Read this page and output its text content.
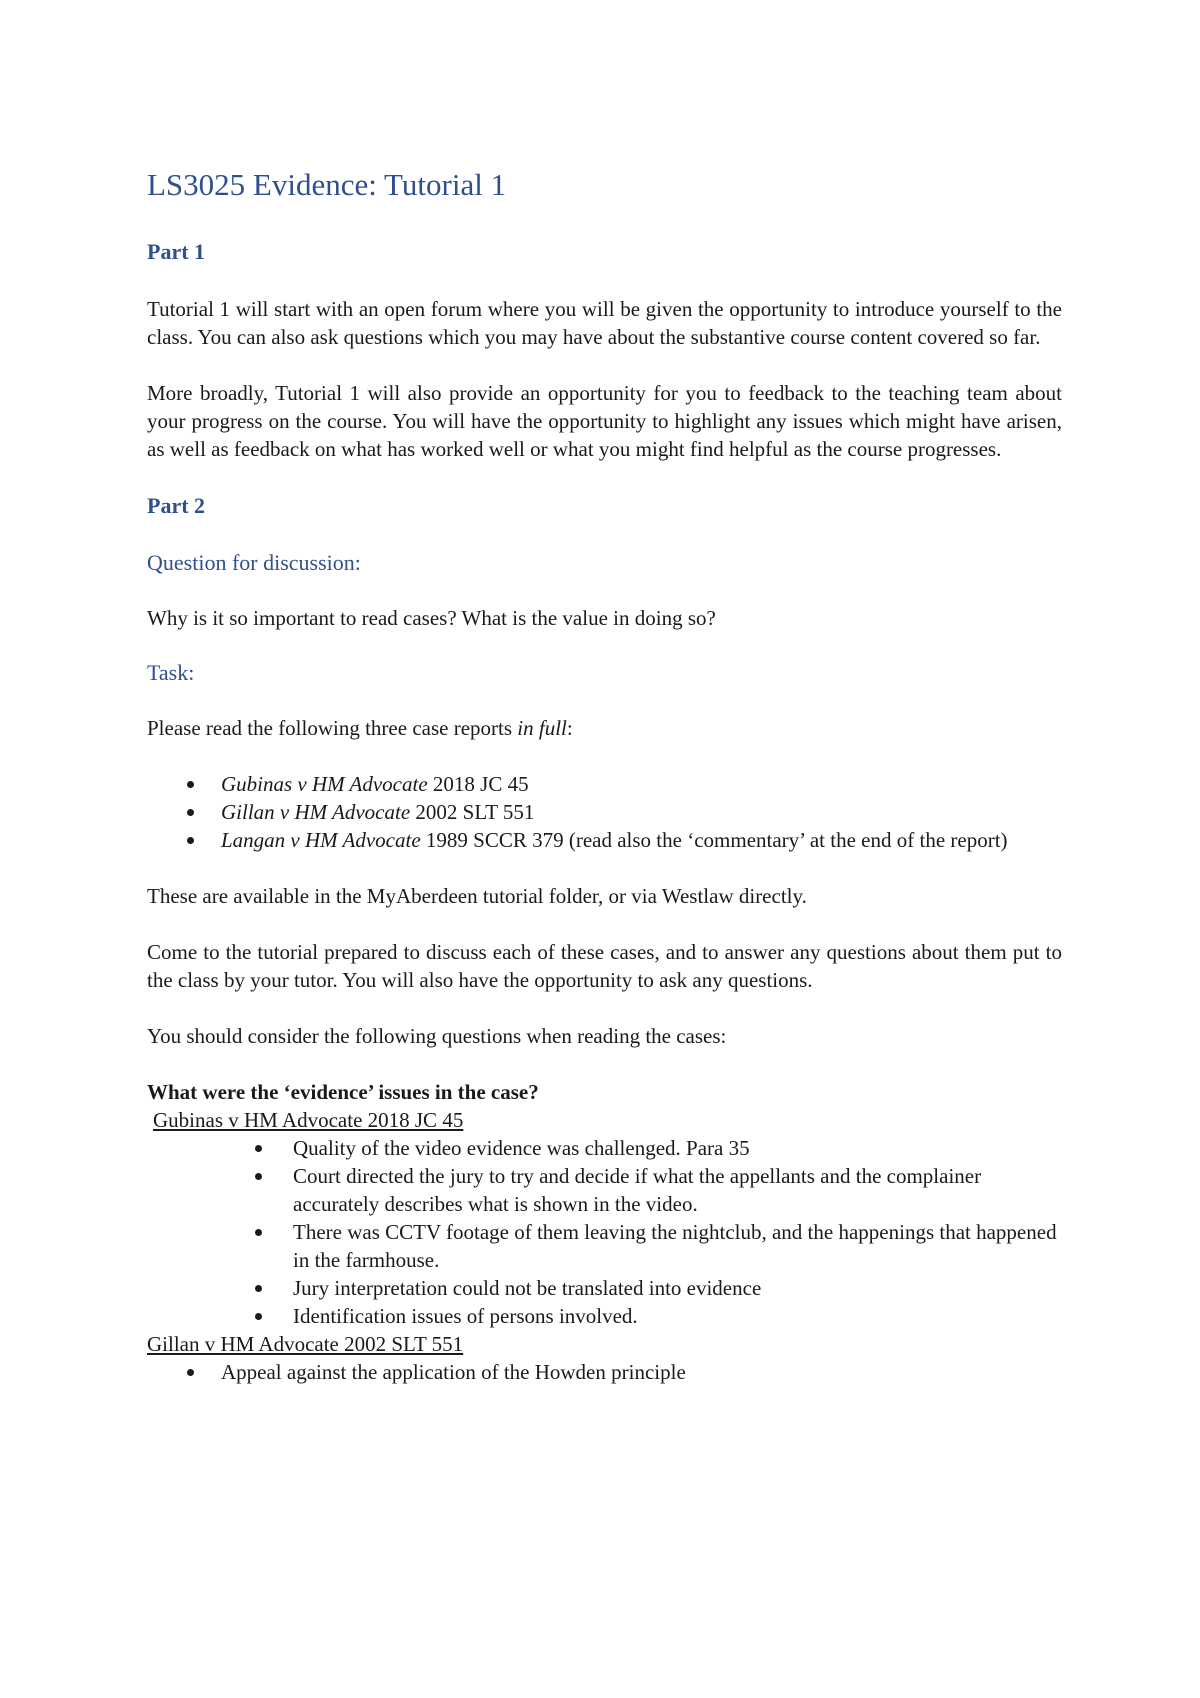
LS3025 Evidence: Tutorial 1
Part 1

Tutorial 1 will start with an open forum where you will be given the opportunity to introduce yourself to the class. You can also ask questions which you may have about the substantive course content covered so far.

More broadly, Tutorial 1 will also provide an opportunity for you to feedback to the teaching team about your progress on the course. You will have the opportunity to highlight any issues which might have arisen, as well as feedback on what has worked well or what you might find helpful as the course progresses.

Part 2
Question for discussion:

Why is it so important to read cases? What is the value in doing so?

Task:

Please read the following three case reports in full:

Gubinas v HM Advocate 2018 JC 45
Gillan v HM Advocate 2002 SLT 551
Langan v HM Advocate 1989 SCCR 379 (read also the ‘commentary’ at the end of the report)

These are available in the MyAberdeen tutorial folder, or via Westlaw directly.

Come to the tutorial prepared to discuss each of these cases, and to answer any questions about them put to the class by your tutor. You will also have the opportunity to ask any questions.

You should consider the following questions when reading the cases:

What were the ‘evidence’ issues in the case?

Gubinas v HM Advocate 2018 JC 45

Quality of the video evidence was challenged. Para 35
Court directed the jury to try and decide if what the appellants and the complainer accurately describes what is shown in the video.
There was CCTV footage of them leaving the nightclub, and the happenings that happened in the farmhouse.
Jury interpretation could not be translated into evidence
Identification issues of persons involved.

Gillan v HM Advocate 2002 SLT 551

Appeal against the application of the Howden principle
